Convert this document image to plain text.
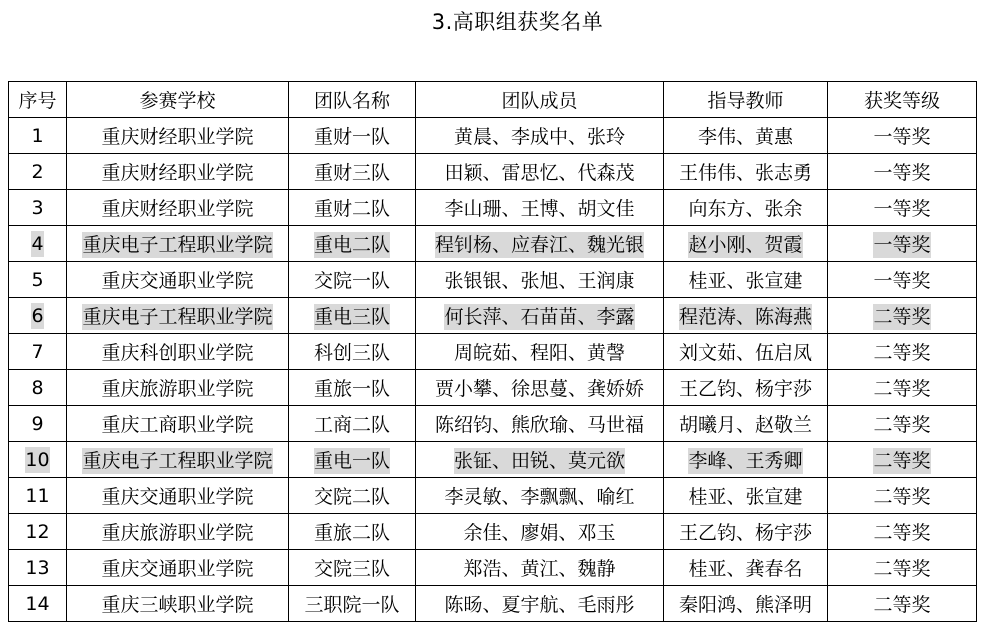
3.高职组获奖名单
序号	参赛学校	团队名称	团队成员	指导教师	获奖等级
1	重庆财经职业学院	重财一队	黄晨、李成中、张玲	李伟、黄惠	一等奖
2	重庆财经职业学院	重财三队	田颖、雷思忆、代森茂	王伟伟、张志勇	一等奖
3	重庆财经职业学院	重财二队	李山珊、王博、胡文佳	向东方、张余	一等奖
4	重庆电子工程职业学院	重电二队	程钊杨、应春江、魏光银	赵小刚、贺霞	一等奖
5	重庆交通职业学院	交院一队	张银银、张旭、王润康	桂亚、张宣建	一等奖
6	重庆电子工程职业学院	重电三队	何长萍、石苗苗、李露	程范涛、陈海燕	二等奖
7	重庆科创职业学院	科创三队	周皖茹、程阳、黄謦	刘文茹、伍启凤	二等奖
8	重庆旅游职业学院	重旅一队	贾小攀、徐思蔓、龚娇娇	王乙钧、杨宇莎	二等奖
9	重庆工商职业学院	工商二队	陈绍钧、熊欣瑜、马世福	胡曦月、赵敬兰	二等奖
10	重庆电子工程职业学院	重电一队	张钲、田锐、莫元欲	李峰、王秀卿	二等奖
11	重庆交通职业学院	交院二队	李灵敏、李飘飘、喻红	桂亚、张宣建	二等奖
12	重庆旅游职业学院	重旅二队	余佳、廖娟、邓玉	王乙钧、杨宇莎	二等奖
13	重庆交通职业学院	交院三队	郑浩、黄江、魏静	桂亚、龚春名	二等奖
14	重庆三峡职业学院	三职院一队	陈旸、夏宇航、毛雨彤	秦阳鸿、熊泽明	二等奖
